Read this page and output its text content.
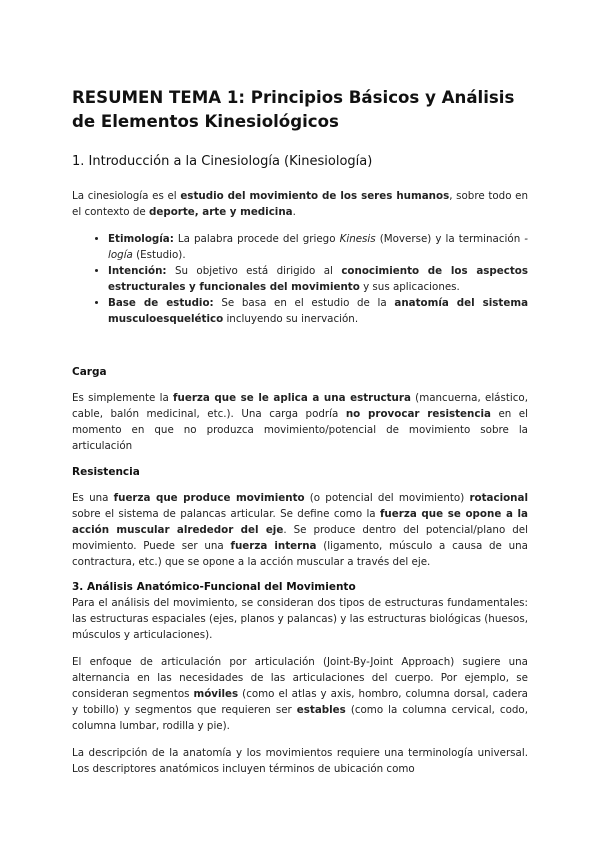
RESUMEN TEMA 1: Principios Básicos y Análisis de Elementos Kinesiológicos
1. Introducción a la Cinesiología (Kinesiología)

La cinesiología es el estudio del movimiento de los seres humanos, sobre todo en el contexto de deporte, arte y medicina.

• Etimología: La palabra procede del griego Kinesis (Moverse) y la terminación -logía (Estudio).
• Intención: Su objetivo está dirigido al conocimiento de los aspectos estructurales y funcionales del movimiento y sus aplicaciones.
• Base de estudio: Se basa en el estudio de la anatomía del sistema musculoesquelético incluyendo su inervación.
Carga

Es simplemente la fuerza que se le aplica a una estructura (mancuerna, elástico, cable, balón medicinal, etc.). Una carga podría no provocar resistencia en el momento en que no produzca movimiento/potencial de movimiento sobre la articulación

Resistencia

Es una fuerza que produce movimiento (o potencial del movimiento) rotacional sobre el sistema de palancas articular. Se define como la fuerza que se opone a la acción muscular alrededor del eje. Se produce dentro del potencial/plano del movimiento. Puede ser una fuerza interna (ligamento, músculo a causa de una contractura, etc.) que se opone a la acción muscular a través del eje.

3. Análisis Anatómico-Funcional del Movimiento

Para el análisis del movimiento, se consideran dos tipos de estructuras fundamentales: las estructuras espaciales (ejes, planos y palancas) y las estructuras biológicas (huesos, músculos y articulaciones).

El enfoque de articulación por articulación (Joint-By-Joint Approach) sugiere una alternancia en las necesidades de las articulaciones del cuerpo. Por ejemplo, se consideran segmentos móviles (como el atlas y axis, hombro, columna dorsal, cadera y tobillo) y segmentos que requieren ser estables (como la columna cervical, codo, columna lumbar, rodilla y pie).

La descripción de la anatomía y los movimientos requiere una terminología universal. Los descriptores anatómicos incluyen términos de ubicación como
